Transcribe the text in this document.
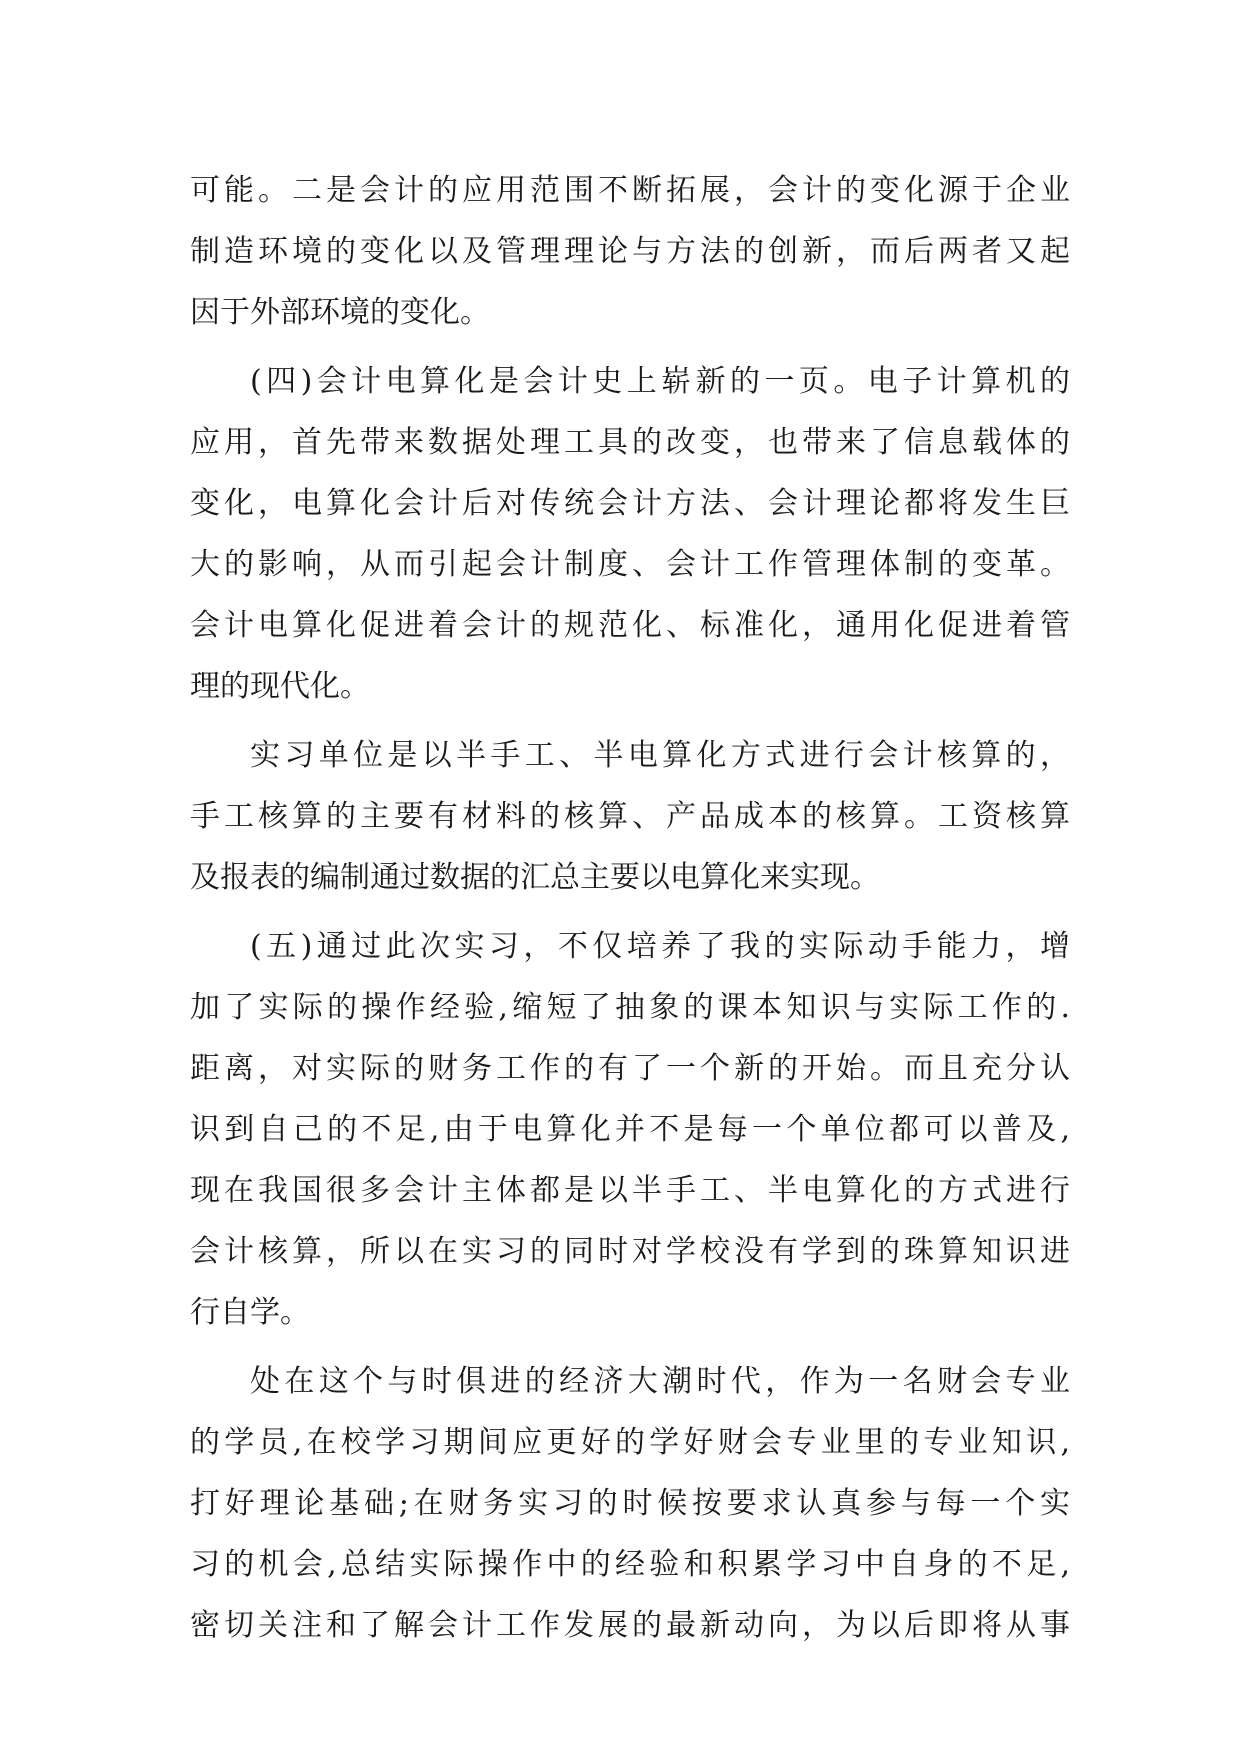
可能。二是会计的应用范围不断拓展，会计的变化源于企业
制造环境的变化以及管理理论与方法的创新，而后两者又起
因于外部环境的变化。
(四)会计电算化是会计史上崭新的一页。电子计算机的
应用，首先带来数据处理工具的改变，也带来了信息载体的
变化，电算化会计后对传统会计方法、会计理论都将发生巨
大的影响，从而引起会计制度、会计工作管理体制的变革。
会计电算化促进着会计的规范化、标准化，通用化促进着管
理的现代化。
实习单位是以半手工、半电算化方式进行会计核算的，
手工核算的主要有材料的核算、产品成本的核算。工资核算
及报表的编制通过数据的汇总主要以电算化来实现。
(五)通过此次实习，不仅培养了我的实际动手能力，增
加了实际的操作经验,缩短了抽象的课本知识与实际工作的.
距离，对实际的财务工作的有了一个新的开始。而且充分认
识到自己的不足,由于电算化并不是每一个单位都可以普及,
现在我国很多会计主体都是以半手工、半电算化的方式进行
会计核算，所以在实习的同时对学校没有学到的珠算知识进
行自学。
处在这个与时俱进的经济大潮时代，作为一名财会专业
的学员,在校学习期间应更好的学好财会专业里的专业知识,
打好理论基础;在财务实习的时候按要求认真参与每一个实
习的机会,总结实际操作中的经验和积累学习中自身的不足,
密切关注和了解会计工作发展的最新动向，为以后即将从事
